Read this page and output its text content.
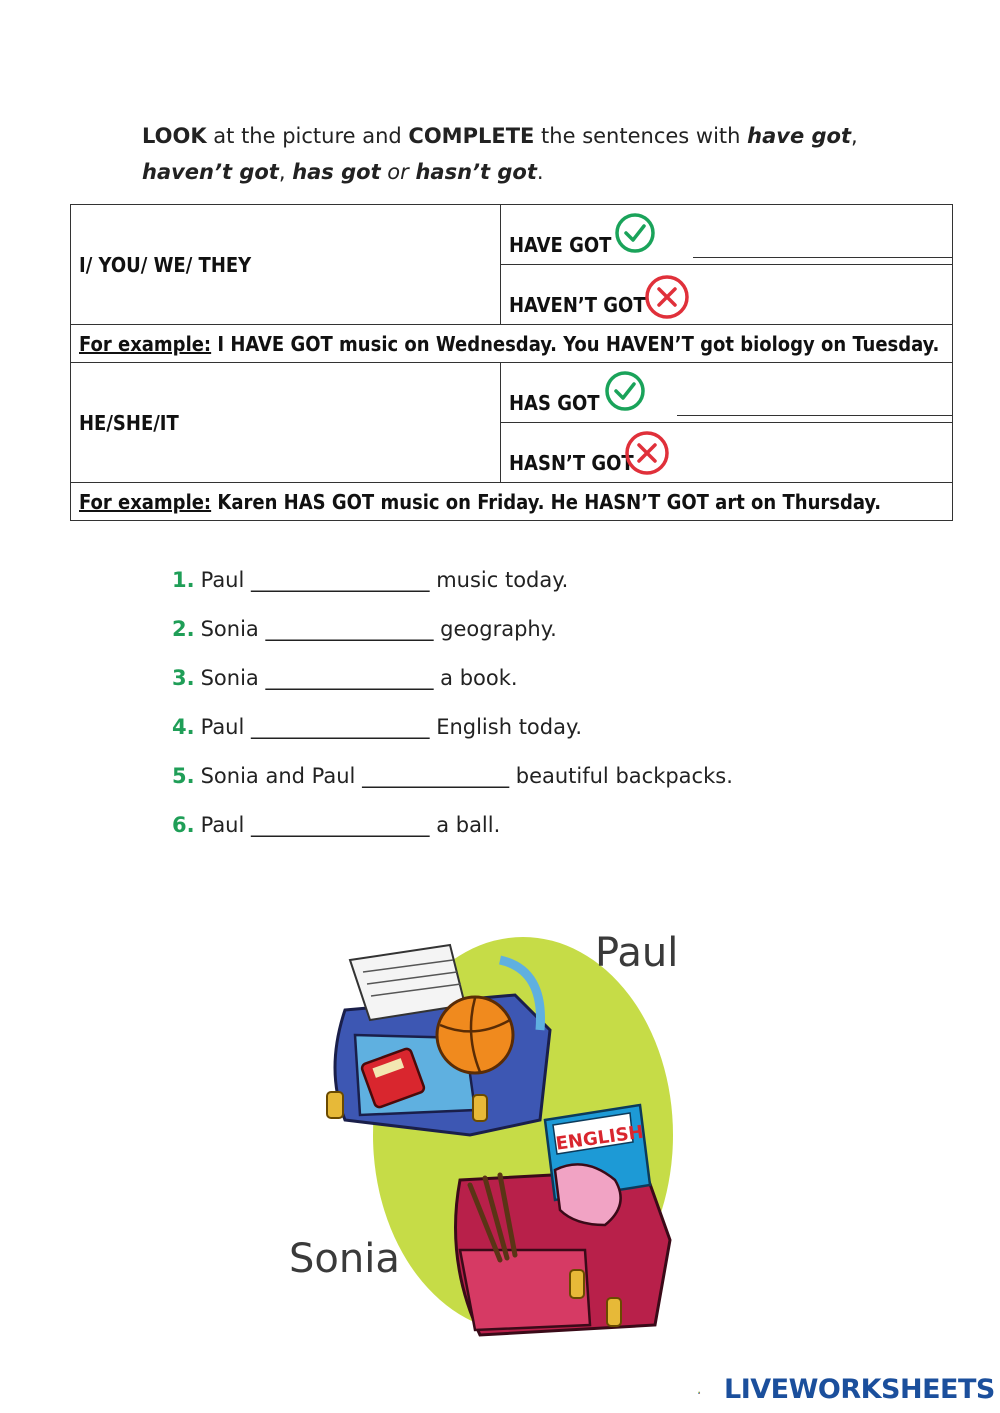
LOOK at the picture and COMPLETE the sentences with have got,
haven’t got, has got or hasn’t got.
I/ YOU/ WE/ THEY	HAVE GOT

	HAVEN’T GOT

For example: I HAVE GOT music on Wednesday. You HAVEN’T got biology on Tuesday.	
HE/SHE/IT	HAS GOT

	HASN’T GOT

For example: Karen HAS GOT music on Friday. He HASN’T GOT art on Thursday.	
1. Paul _________________ music today.
2. Sonia ________________ geography.
3. Sonia ________________ a book.
4. Paul _________________ English today.
5. Sonia and Paul ______________ beautiful backpacks.
6. Paul _________________ a ball.
ENGLISH
Paul
Sonia
LIVEWORKSHEETS
